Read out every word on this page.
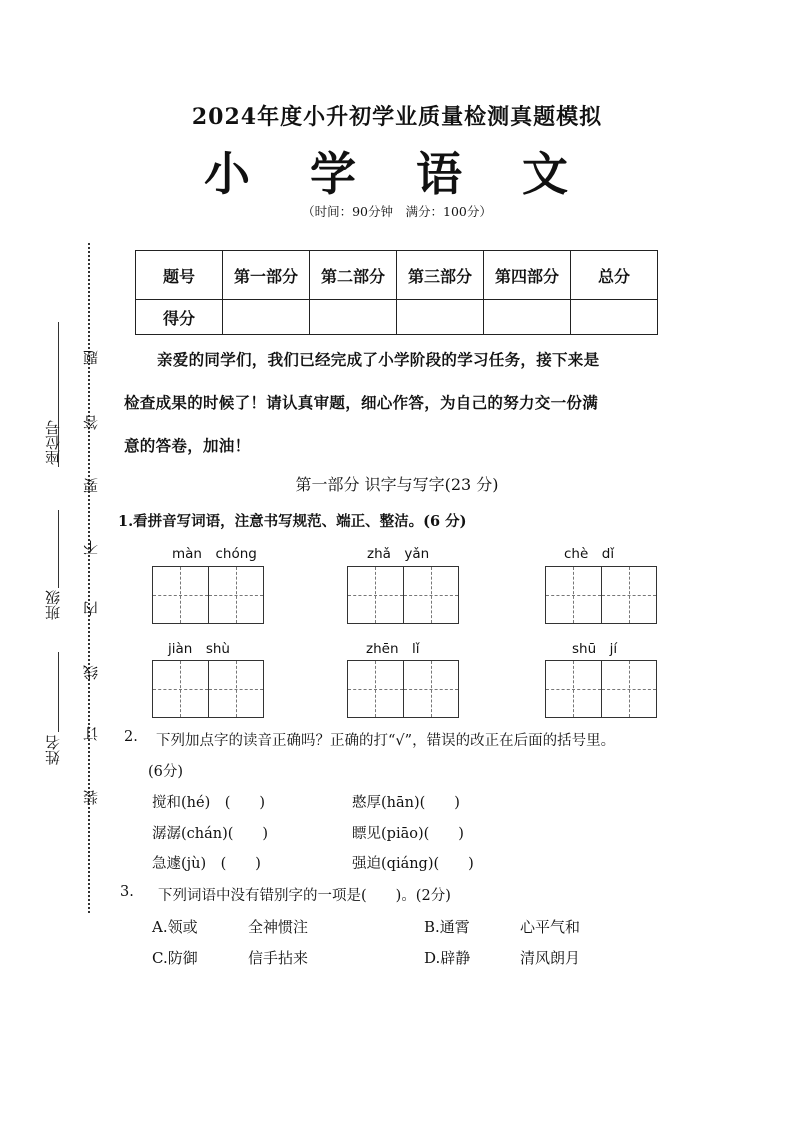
2024年度小升初学业质量检测真题模拟
小 学 语 文
（时间：90分钟　满分：100分）
题
答
要
不
内
线
订
装
座位号
班级
姓名
题号	第一部分	第二部分	第三部分	第四部分	总分
得分					
亲爱的同学们，我们已经完成了小学阶段的学习任务，接下来是
检查成果的时候了！请认真审题，细心作答，为自己的努力交一份满
意的答卷，加油！
第一部分 识字与写字(23 分)
1.看拼音写词语，注意书写规范、端正、整洁。(6 分)
màn　chóng	zhǎ　yǎn	chè　dǐ
jiàn　shù	zhēn　lǐ	shū　jí
2. 下列加点字的读音正确吗？正确的打“√”，错误的改正在后面的括号里。
(6分)
搅和(hé)　(　　)	憨厚(hān)(　　)
潺潺(chán)(　　)	瞟见(piāo)(　　)
急遽(jù)　(　　)	强迫(qiáng)(　　)
3. 下列词语中没有错别字的一项是(　　)。(2分)
A.领或	全神惯注	B.通霄	心平气和
C.防御	信手拈来	D.辟静	清风朗月
